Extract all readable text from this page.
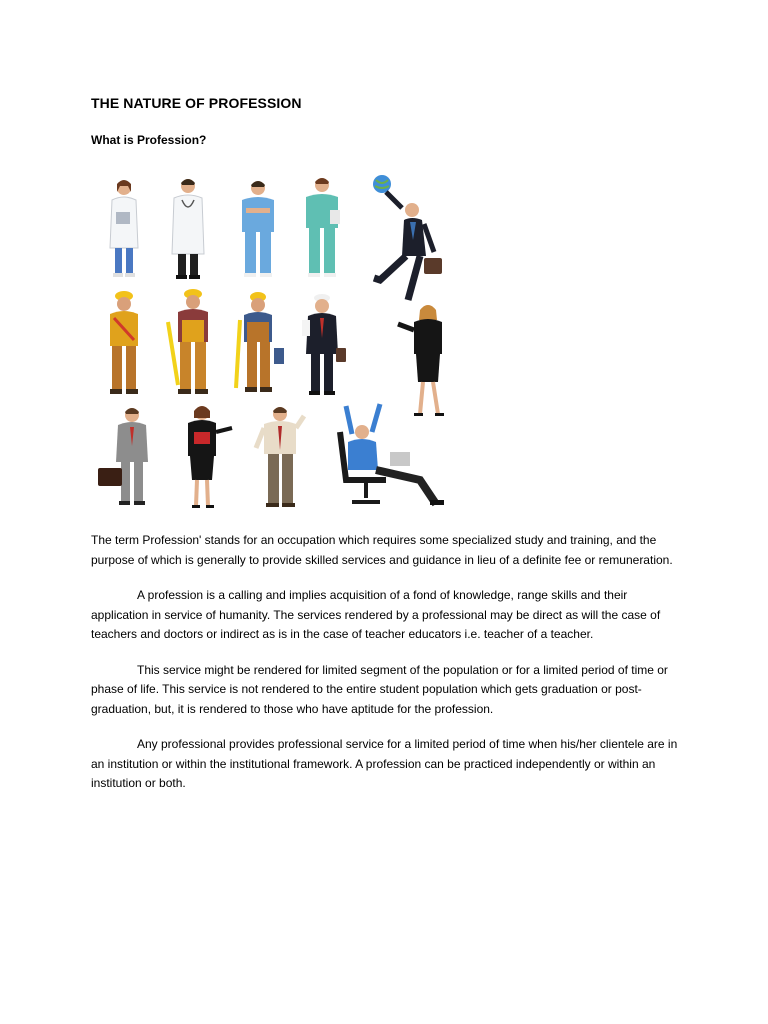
THE NATURE OF PROFESSION
What is Profession?

The term Profession' stands for an occupation which requires some specialized study and training, and the purpose of which is generally to provide skilled services and guidance in lieu of a definite fee or remuneration.

A profession is a calling and implies acquisition of a fond of knowledge, range skills and their application in service of humanity. The services rendered by a professional may be direct as will the case of teachers and doctors or indirect as is in the case of teacher educators i.e. teacher of a teacher.

This service might be rendered for limited segment of the population or for a limited period of time or phase of life. This service is not rendered to the entire student population which gets graduation or post-graduation, but, it is rendered to those who have aptitude for the profession.

Any professional provides professional service for a limited period of time when his/her clientele are in an institution or within the institutional framework. A profession can be practiced independently or within an institution or both.
